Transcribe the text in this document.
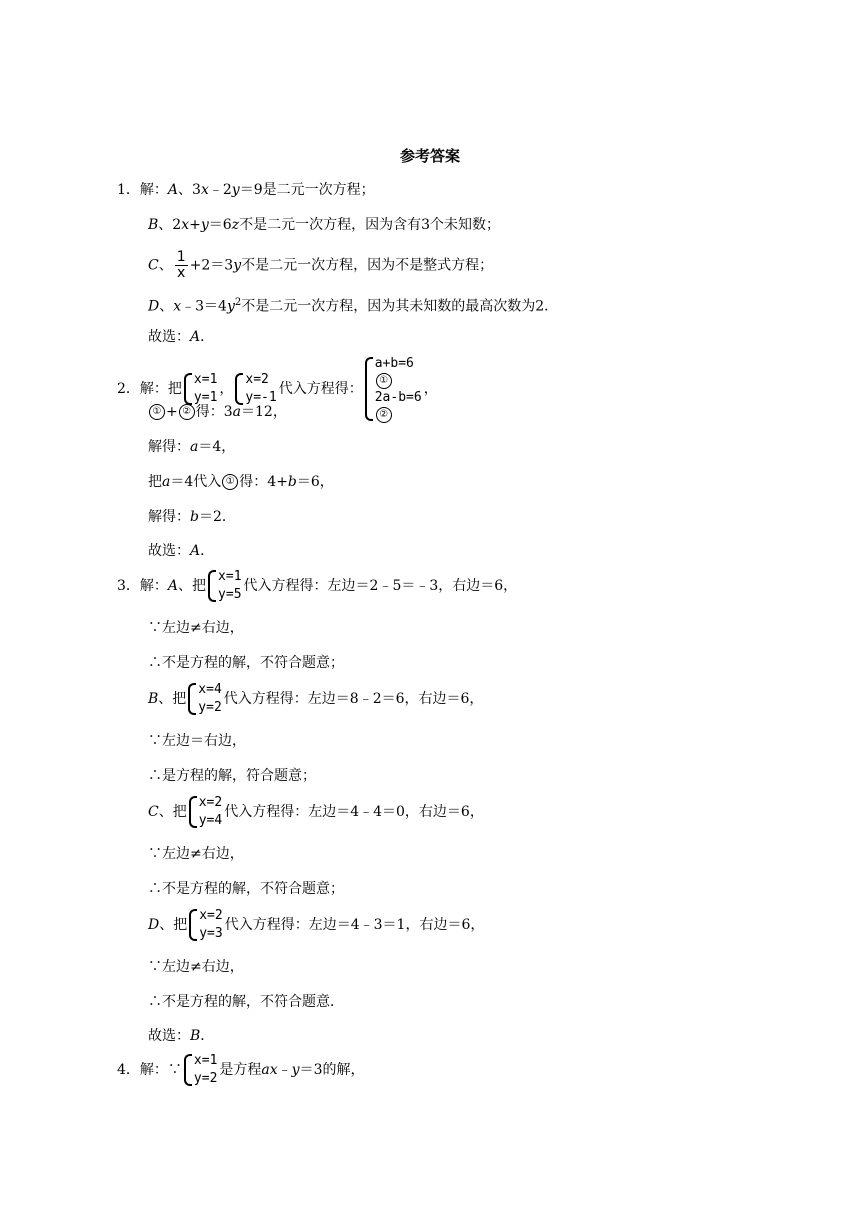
参考答案
1．解：A、3x﹣2y＝9是二元一次方程；
B、2x+y＝6z不是二元一次方程，因为含有3个未知数；
C、 $\frac{1}{x} +2=3y$不是二元一次方程，因为不是整式方程；
D、$x﹣3=4y^2$不是二元一次方程，因为其未知数的最高次数为2．
故选：A．
2．解：把
x=1
y=1
，
x=2
y=-1
代入方程得：
a+b=6
①
2a-b=6
②
，
① + ② 得：3a＝12，
解得：a＝4，
把a＝4代入 ① 得：4+b＝6，
解得：b＝2．
故选：A．
3．解：A、把
x=1
y=5
代入方程得：左边＝2﹣5＝﹣3，右边＝6，
∵左边≠右边，
∴不是方程的解，不符合题意；
B、把
x=4
y=2
代入方程得：左边＝8﹣2＝6，右边＝6，
∵左边＝右边，
∴是方程的解，符合题意；
C、把
x=2
y=4
代入方程得：左边＝4﹣4＝0，右边＝6，
∵左边≠右边，
∴不是方程的解，不符合题意；
D、把
x=2
y=3
代入方程得：左边＝4﹣3＝1，右边＝6，
∵左边≠右边，
∴不是方程的解，不符合题意．
故选：B．
4．解：∵
x=1
y=2
是方程ax﹣y＝3的解，
